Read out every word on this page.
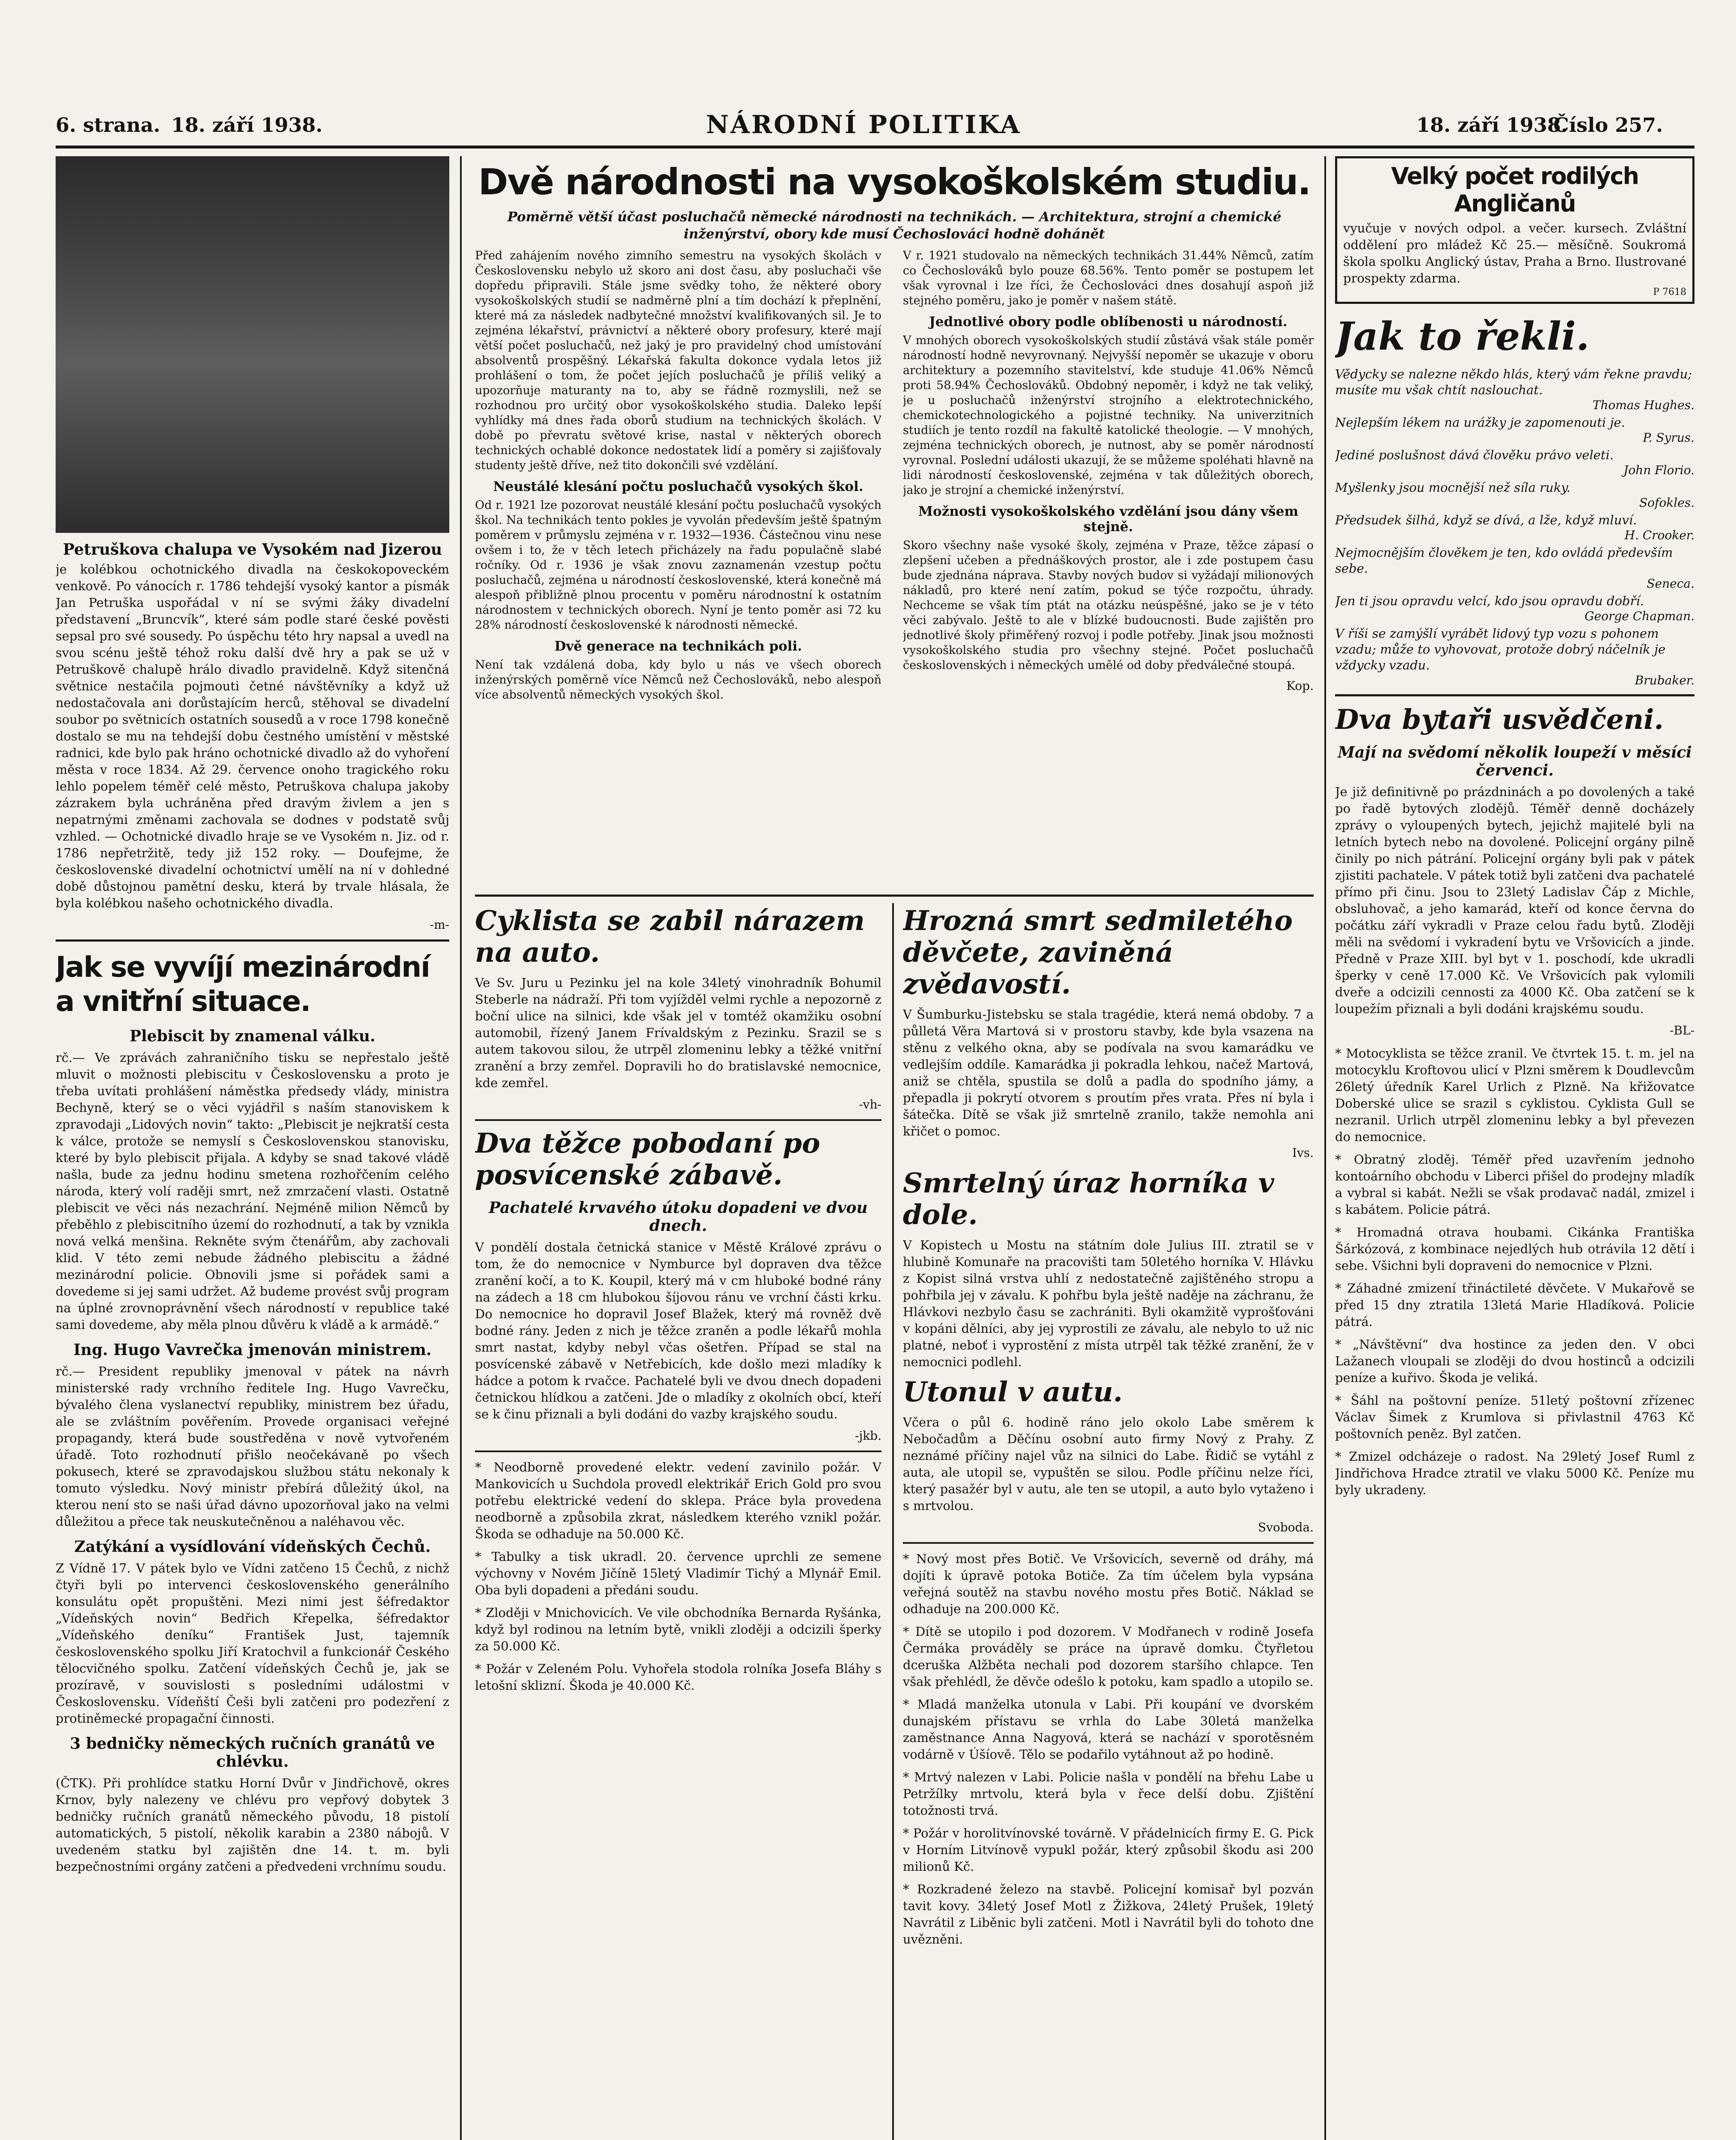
6. strana. 18. září 1938.	NÁRODNÍ POLITIKA	18. září 1938.
Číslo 257.

Petruškova chalupa ve Vysokém nad Jizerou

je kolébkou ochotnického divadla na českokopoveckém venkově. Po vánocích r. 1786 tehdejší vysoký kantor a písmák Jan Petruška uspořádal v ní se svými žáky divadelní představení „Bruncvík“, které sám podle staré české pověsti sepsal pro své sousedy. Po úspěchu této hry napsal a uvedl na svou scénu ještě téhož roku další dvě hry a pak se už v Petruškově chalupě hrálo divadlo pravidelně. Když sitenčná světnice nestačila pojmouti četné návštěvníky a když už nedostačovala ani dorůstajícím herců, stěhoval se divadelní soubor po světnicích ostatních sousedů a v roce 1798 konečně dostalo se mu na tehdejší dobu čestného umístění v městské radnici, kde bylo pak hráno ochotnické divadlo až do vyhoření města v roce 1834. Až 29. července onoho tragického roku lehlo popelem téměř celé město, Petruškova chalupa jakoby zázrakem byla uchráněna před dravým živlem a jen s nepatrnými změnami zachovala se dodnes v podstatě svůj vzhled. — Ochotnické divadlo hraje se ve Vysokém n. Jiz. od r. 1786 nepřetržitě, tedy již 152 roky. — Doufejme, že československé divadelní ochotnictví umělí na ní v dohledné době důstojnou pamětní desku, která by trvale hlásala, že byla kolébkou našeho ochotnického divadla.

-m-

Jak se vyvíjí mezinárodní a vnitřní situace.

Plebiscit by znamenal válku.

rč.— Ve zprávách zahraničního tisku se nepřestalo ještě mluvit o možnosti plebiscitu v Československu a proto je třeba uvítati prohlášení náměstka předsedy vlády, ministra Bechyně, který se o věci vyjádřil s naším stanoviskem k zpravodaji „Lidových novin“ takto: „Plebiscit je nejkratší cesta k válce, protože se nemyslí s Československou stanovisku, které by bylo plebiscit přijala. A kdyby se snad takové vládě našla, bude za jednu hodinu smetena rozhořčením celého národa, který volí raději smrt, než zmrzačení vlasti. Ostatně plebiscit ve věci nás nezachrání. Nejméně milion Němců by přeběhlo z plebiscitního území do rozhodnutí, a tak by vznikla nová velká menšina. Rekněte svým čtenářům, aby zachovali klid. V této zemi nebude žádného plebiscitu a žádné mezinárodní policie. Obnovili jsme si pořádek sami a dovedeme si jej sami udržet. Až budeme provést svůj program na úplné zrovnoprávnění všech národností v republice také sami dovedeme, aby měla plnou důvěru k vládě a k armádě.“

Ing. Hugo Vavrečka jmenován ministrem.

rč.— President republiky jmenoval v pátek na návrh ministerské rady vrchního ředitele Ing. Hugo Vavrečku, bývalého člena vyslanectví republiky, ministrem bez úřadu, ale se zvláštním pověřením. Provede organisaci veřejné propagandy, která bude soustředěna v nově vytvořeném úřadě. Toto rozhodnutí přišlo neočekávaně po všech pokusech, které se zpravodajskou službou státu nekonaly k tomuto výsledku. Nový ministr přebírá důležitý úkol, na kterou není sto se naši úřad dávno upozorňoval jako na velmi důležitou a přece tak neuskutečněnou a naléhavou věc.

Zatýkání a vysídlování vídeňských Čechů.

Z Vídně 17. V pátek bylo ve Vídni zatčeno 15 Čechů, z nichž čtyři byli po intervenci československého generálního konsulátu opět propuštěni. Mezi nimi jest šéfredaktor „Vídeňských novin“ Bedřich Křepelka, šéfredaktor „Vídeňského deníku“ František Just, tajemník československého spolku Jiří Kratochvil a funkcionář Českého tělocvičného spolku. Zatčení vídeňských Čechů je, jak se prozíravě, v souvislosti s posledními událostmi v Československu. Vídeňští Češi byli zatčeni pro podezření z protiněmecké propagační činnosti.

3 bedničky německých ručních granátů ve chlévku.

(ČTK). Při prohlídce statku Horní Dvůr v Jindřichově, okres Krnov, byly nalezeny ve chlévu pro vepřový dobytek 3 bedničky ručních granátů německého původu, 18 pistolí automatických, 5 pistolí, několik karabin a 2380 nábojů. V uvedeném statku byl zajištěn dne 14. t. m. byli bezpečnostními orgány zatčeni a předvedeni vrchnímu soudu.

Dvě národnosti na vysokoškolském studiu.

Poměrně větší účast posluchačů německé národnosti na technikách. — Architektura, strojní a chemické inženýrství, obory kde musí Čechoslováci hodně dohánět

Před zahájením nového zimního semestru na vysokých školách v Československu nebylo už skoro ani dost času, aby posluchači vše dopředu připravili. Stále jsme svědky toho, že některé obory vysokoškolských studií se nadměrně plní a tím dochází k přeplnění, které má za následek nadbytečné množství kvalifikovaných sil. Je to zejména lékařství, právnictví a některé obory profesury, které mají větší počet posluchačů, než jaký je pro pravidelný chod umístování absolventů prospěšný. Lékařská fakulta dokonce vydala letos již prohlášení o tom, že počet jejích posluchačů je příliš veliký a upozorňuje maturanty na to, aby se řádně rozmyslili, než se rozhodnou pro určitý obor vysokoškolského studia. Daleko lepší vyhlídky má dnes řada oborů studium na technických školách. V době po převratu světové krise, nastal v některých oborech technických ochablé dokonce nedostatek lidí a poměry si zajišťovaly studenty ještě dříve, než tito dokončili své vzdělání.

Neustálé klesání počtu posluchačů vysokých škol.

Od r. 1921 lze pozorovat neustálé klesání počtu posluchačů vysokých škol. Na technikách tento pokles je vyvolán především ještě špatným poměrem v průmyslu zejména v r. 1932—1936. Částečnou vinu nese ovšem i to, že v těch letech přicházely na řadu populačně slabé ročníky. Od r. 1936 je však znovu zaznamenán vzestup počtu posluchačů, zejména u národností československé, která konečně má alespoň přibližně plnou procentu v poměru národnostní k ostatním národnostem v technických oborech. Nyní je tento poměr asi 72 ku 28% národností československé k národnosti německé.

Dvě generace na technikách poli.

Není tak vzdálená doba, kdy bylo u nás ve všech oborech inženýrských poměrně více Němců než Čechoslováků, nebo alespoň více absolventů německých vysokých škol.

V r. 1921 studovalo na německých technikách 31.44% Němců, zatím co Čechoslováků bylo pouze 68.56%. Tento poměr se postupem let však vyrovnal i lze říci, že Čechoslováci dnes dosahují aspoň již stejného poměru, jako je poměr v našem státě.

Jednotlivé obory podle oblíbenosti u národností.

V mnohých oborech vysokoškolských studií zůstává však stále poměr národností hodně nevyrovnaný. Nejvyšší nepoměr se ukazuje v oboru architektury a pozemního stavitelství, kde studuje 41.06% Němců proti 58.94% Čechoslováků. Obdobný nepoměr, i když ne tak veliký, je u posluchačů inženýrství strojního a elektrotechnického, chemickotechnologického a pojistné techniky. Na univerzitních studiích je tento rozdíl na fakultě katolické theologie. — V mnohých, zejména technických oborech, je nutnost, aby se poměr národností vyrovnal. Poslední události ukazují, že se můžeme spoléhati hlavně na lidi národností československé, zejména v tak důležitých oborech, jako je strojní a chemické inženýrství.

Možnosti vysokoškolského vzdělání jsou dány všem stejně.

Skoro všechny naše vysoké školy, zejména v Praze, těžce zápasí o zlepšení učeben a přednáškových prostor, ale i zde postupem času bude zjednána náprava. Stavby nových budov si vyžádají milionových nákladů, pro které není zatím, pokud se týče rozpočtu, úhrady. Nechceme se však tím ptát na otázku neúspěšné, jako se je v této věci zabývalo. Ještě to ale v blízké budoucnosti. Bude zajištěn pro jednotlivé školy přiměřený rozvoj i podle potřeby. Jinak jsou možnosti vysokoškolského studia pro všechny stejné. Počet posluchačů československých i německých umělé od doby předválečné stoupá.

Kop.

Cyklista se zabil nárazem na auto.

Ve Sv. Juru u Pezinku jel na kole 34letý vinohradník Bohumil Steberle na nádraží. Při tom vyjížděl velmi rychle a nepozorně z boční ulice na silnici, kde však jel v tomtéž okamžiku osobní automobil, řízený Janem Frívaldským z Pezinku. Srazil se s autem takovou silou, že utrpěl zlomeninu lebky a těžké vnitřní zranění a brzy zemřel. Dopravili ho do bratislavské nemocnice, kde zemřel.

-vh-

Dva těžce pobodaní po posvícenské zábavě.

Pachatelé krvavého útoku dopadeni ve dvou dnech.

V pondělí dostala četnická stanice v Městě Králové zprávu o tom, že do nemocnice v Nymburce byl dopraven dva těžce zranění kočí, a to K. Koupil, který má v cm hluboké bodné rány na zádech a 18 cm hlubokou šíjovou ránu ve vrchní části krku. Do nemocnice ho dopravil Josef Blažek, který má rovněž dvě bodné rány. Jeden z nich je těžce zraněn a podle lékařů mohla smrt nastat, kdyby nebyl včas ošetřen. Případ se stal na posvícenské zábavě v Netřebicích, kde došlo mezi mladíky k hádce a potom k rvačce. Pachatelé byli ve dvou dnech dopadeni četnickou hlídkou a zatčeni. Jde o mladíky z okolních obcí, kteří se k činu přiznali a byli dodáni do vazby krajského soudu.

-jkb.

* Neodborně provedené elektr. vedení zavinilo požár. V Mankovicích u Suchdola provedl elektrikář Erich Gold pro svou potřebu elektrické vedení do sklepa. Práce byla provedena neodborně a způsobila zkrat, následkem kterého vznikl požár. Škoda se odhaduje na 50.000 Kč.

* Tabulky a tisk ukradl. 20. července uprchli ze semene výchovny v Novém Jičíně 15letý Vladimír Tichý a Mlynář Emil. Oba byli dopadeni a předáni soudu.

* Zloději v Mnichovicích. Ve vile obchodníka Bernarda Ryšánka, když byl rodinou na letním bytě, vnikli zloději a odcizili šperky za 50.000 Kč.

* Požár v Zeleném Polu. Vyhořela stodola rolníka Josefa Bláhy s letošní sklizní. Škoda je 40.000 Kč.

Hrozná smrt sedmiletého děvčete, zaviněná zvědavostí.

V Šumburku-Jistebsku se stala tragédie, která nemá obdoby. 7 a půlletá Věra Martová si v prostoru stavby, kde byla vsazena na stěnu z velkého okna, aby se podívala na svou kamarádku ve vedlejším oddíle. Kamarádka ji pokradla lehkou, načež Martová, aniž se chtěla, spustila se dolů a padla do spodního jámy, a přepadla ji pokrytí otvorem s proutím přes vrata. Přes ní byla i šátečka. Dítě se však již smrtelně zranilo, takže nemohla ani křičet o pomoc.

Ivs.

Smrtelný úraz horníka v dole.

V Kopistech u Mostu na státním dole Julius III. ztratil se v hlubině Komunaře na pracovišti tam 50letého horníka V. Hlávku z Kopist silná vrstva uhlí z nedostatečně zajištěného stropu a pohřbila jej v závalu. K pohřbu byla ještě naděje na záchranu, že Hlávkovi nezbylo času se zachrániti. Byli okamžitě vyprošťováni v kopáni dělníci, aby jej vyprostili ze závalu, ale nebylo to už nic platné, neboť i vyprostění z místa utrpěl tak těžké zranění, že v nemocnici podlehl.

Utonul v autu.

Včera o půl 6. hodině ráno jelo okolo Labe směrem k Nebočadům a Děčínu osobní auto firmy Nový z Prahy. Z neznámé příčiny najel vůz na silnici do Labe. Řidič se vytáhl z auta, ale utopil se, vypuštěn se silou. Podle příčinu nelze říci, který pasažér byl v autu, ale ten se utopil, a auto bylo vytaženo i s mrtvolou.

Svoboda.

* Nový most přes Botič. Ve Vršovicích, severně od dráhy, má dojíti k úpravě potoka Botiče. Za tím účelem byla vypsána veřejná soutěž na stavbu nového mostu přes Botič. Náklad se odhaduje na 200.000 Kč.

* Dítě se utopilo i pod dozorem. V Modřanech v rodině Josefa Čermáka prováděly se práce na úpravě domku. Čtyřletou dceruška Alžběta nechali pod dozorem staršího chlapce. Ten však přehlédl, že děvče odešlo k potoku, kam spadlo a utopilo se.

* Mladá manželka utonula v Labi. Při koupání ve dvorském dunajském přístavu se vrhla do Labe 30letá manželka zaměstnance Anna Nagyová, která se nachází v sporotěsném vodárně v Úšíově. Tělo se podařilo vytáhnout až po hodině.

* Mrtvý nalezen v Labi. Policie našla v pondělí na břehu Labe u Petržílky mrtvolu, která byla v řece delší dobu. Zjištění totožnosti trvá.

* Požár v horolitvínovské továrně. V přádelnicích firmy E. G. Pick v Horním Litvínově vypukl požár, který způsobil škodu asi 200 milionů Kč.

* Rozkradené železo na stavbě. Policejní komisař byl pozván tavit kovy. 34letý Josef Motl z Žižkova, 24letý Prušek, 19letý Navrátil z Liběnic byli zatčeni. Motl i Navrátil byli do tohoto dne uvězněni.

Velký počet rodilých Angličanů

vyučuje v nových odpol. a večer. kursech. Zvláštní oddělení pro mládež Kč 25.— měsíčně. Soukromá škola spolku Anglický ústav, Praha a Brno. Ilustrované prospekty zdarma.

P 7618

Jak to řekli.

Vědycky se nalezne někdo hlás, který vám řekne pravdu; musíte mu však chtít naslouchat.

Thomas Hughes.

Nejlepším lékem na urážky je zapomenouti je.

P. Syrus.

Jediné poslušnost dává člověku právo veleti.

John Florio.

Myšlenky jsou mocnější než síla ruky.

Sofokles.

Předsudek šilhá, když se dívá, a lže, když mluví.

H. Crooker.

Nejmocnějším člověkem je ten, kdo ovládá především sebe.

Seneca.

Jen ti jsou opravdu velcí, kdo jsou opravdu dobří.

George Chapman.

V říši se zamýšlí vyrábět lidový typ vozu s pohonem vzadu; může to vyhovovat, protože dobrý náčelník je vždycky vzadu.

Brubaker.

Dva bytaři usvědčeni.

Mají na svědomí několik loupeží v měsíci červenci.

Je již definitivně po prázdninách a po dovolených a také po řadě bytových zlodějů. Téměř denně docházely zprávy o vyloupených bytech, jejichž majitelé byli na letních bytech nebo na dovolené. Policejní orgány pilně činily po nich pátrání. Policejní orgány byli pak v pátek zjistiti pachatele. V pátek totiž byli zatčeni dva pachatelé přímo při činu. Jsou to 23letý Ladislav Čáp z Michle, obsluhovač, a jeho kamarád, kteří od konce června do počátku září vykradli v Praze celou řadu bytů. Zloději měli na svědomí i vykradení bytu ve Vršovicích a jinde. Předně v Praze XIII. byl byt v 1. poschodí, kde ukradli šperky v ceně 17.000 Kč. Ve Vršovicích pak vylomili dveře a odcizili cennosti za 4000 Kč. Oba zatčení se k loupežím přiznali a byli dodáni krajskému soudu.

-BL-

* Motocyklista se těžce zranil. Ve čtvrtek 15. t. m. jel na motocyklu Kroftovou ulicí v Plzni směrem k Doudlevcům 26letý úředník Karel Urlich z Plzně. Na křižovatce Doberské ulice se srazil s cyklistou. Cyklista Gull se nezranil. Urlich utrpěl zlomeninu lebky a byl převezen do nemocnice.

* Obratný zloděj. Téměř před uzavřením jednoho kontoárního obchodu v Liberci přišel do prodejny mladík a vybral si kabát. Nežli se však prodavač nadál, zmizel i s kabátem. Policie pátrá.

* Hromadná otrava houbami. Cikánka Františka Šárkózová, z kombinace nejedlých hub otrávila 12 dětí i sebe. Všichni byli dopraveni do nemocnice v Plzni.

* Záhadné zmizení třináctileté děvčete. V Mukařově se před 15 dny ztratila 13letá Marie Hladíková. Policie pátrá.

* „Návštěvní“ dva hostince za jeden den. V obci Lažanech vloupali se zloději do dvou hostinců a odcizili peníze a kuřivo. Škoda je veliká.

* Šáhl na poštovní peníze. 51letý poštovní zřízenec Václav Šimek z Krumlova si přivlastnil 4763 Kč poštovních peněz. Byl zatčen.

* Zmizel odcházeje o radost. Na 29letý Josef Ruml z Jindřichova Hradce ztratil ve vlaku 5000 Kč. Peníze mu byly ukradeny.
